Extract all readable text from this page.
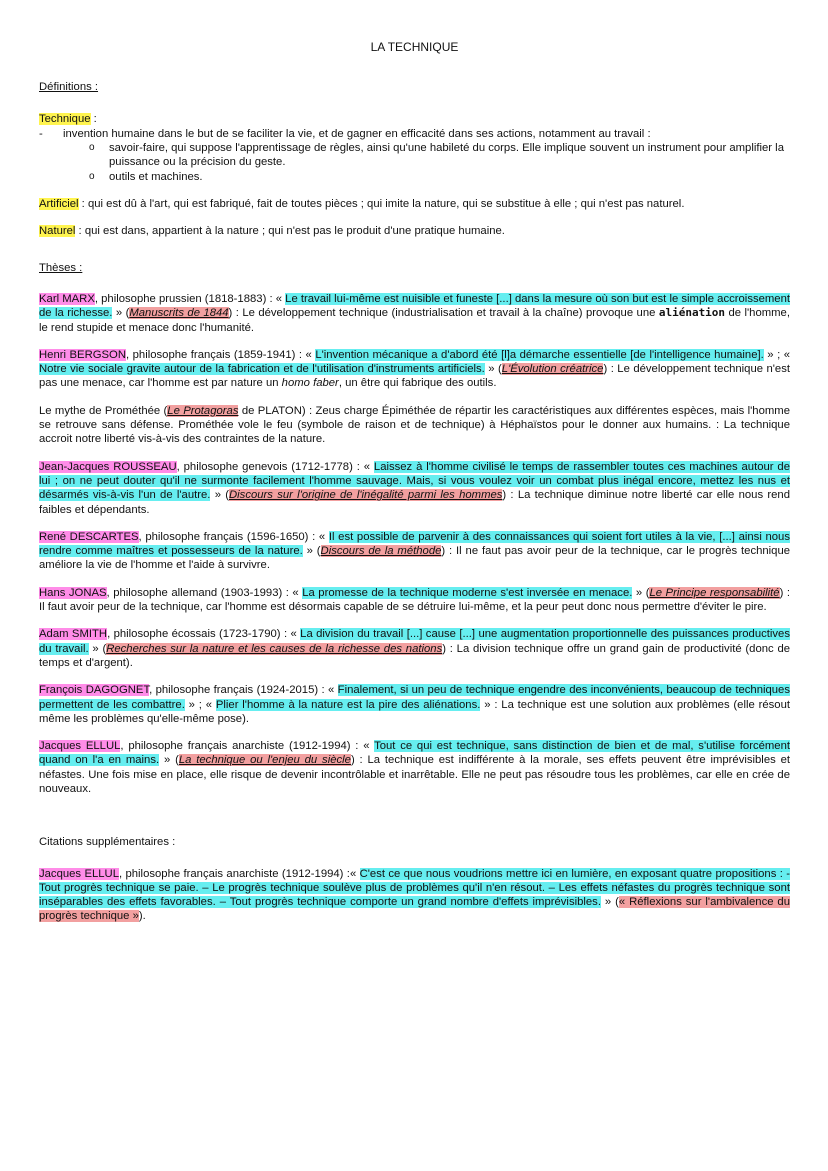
LA TECHNIQUE
Définitions :
Technique :
-	invention humaine dans le but de se faciliter la vie, et de gagner en efficacité dans ses actions, notamment au travail :
o	savoir-faire, qui suppose l'apprentissage de règles, ainsi qu'une habileté du corps. Elle implique souvent un instrument pour amplifier la puissance ou la précision du geste.
o	outils et machines.

Artificiel : qui est dû à l'art, qui est fabriqué, fait de toutes pièces ; qui imite la nature, qui se substitue à elle ; qui n'est pas naturel.

Naturel : qui est dans, appartient à la nature ; qui n'est pas le produit d'une pratique humaine.

Thèses :

Karl MARX, philosophe prussien (1818-1883) : « Le travail lui-même est nuisible et funeste [...] dans la mesure où son but est le simple accroissement de la richesse. » (Manuscrits de 1844) : Le développement technique (industrialisation et travail à la chaîne) provoque une aliénation de l'homme, le rend stupide et menace donc l'humanité.

Henri BERGSON, philosophe français (1859-1941) : « L'invention mécanique a d'abord été [l]a démarche essentielle [de l'intelligence humaine]. » ; « Notre vie sociale gravite autour de la fabrication et de l'utilisation d'instruments artificiels. » (L'Évolution créatrice) : Le développement technique n'est pas une menace, car l'homme est par nature un homo faber, un être qui fabrique des outils.

Le mythe de Prométhée (Le Protagoras de PLATON) : Zeus charge Épiméthée de répartir les caractéristiques aux différentes espèces, mais l'homme se retrouve sans défense. Prométhée vole le feu (symbole de raison et de technique) à Héphaïstos pour le donner aux humains. : La technique accroit notre liberté vis-à-vis des contraintes de la nature.

Jean-Jacques ROUSSEAU, philosophe genevois (1712-1778) : « Laissez à l'homme civilisé le temps de rassembler toutes ces machines autour de lui ; on ne peut douter qu'il ne surmonte facilement l'homme sauvage. Mais, si vous voulez voir un combat plus inégal encore, mettez les nus et désarmés vis-à-vis l'un de l'autre. » (Discours sur l'origine de l'inégalité parmi les hommes) : La technique diminue notre liberté car elle nous rend faibles et dépendants.

René DESCARTES, philosophe français (1596-1650) : « Il est possible de parvenir à des connaissances qui soient fort utiles à la vie, [...] ainsi nous rendre comme maîtres et possesseurs de la nature. » (Discours de la méthode) : Il ne faut pas avoir peur de la technique, car le progrès technique améliore la vie de l'homme et l'aide à survivre.

Hans JONAS, philosophe allemand (1903-1993) : « La promesse de la technique moderne s'est inversée en menace. » (Le Principe responsabilité) : Il faut avoir peur de la technique, car l'homme est désormais capable de se détruire lui-même, et la peur peut donc nous permettre d'éviter le pire.

Adam SMITH, philosophe écossais (1723-1790) : « La division du travail [...] cause [...] une augmentation proportionnelle des puissances productives du travail. » (Recherches sur la nature et les causes de la richesse des nations) : La division technique offre un grand gain de productivité (donc de temps et d'argent).

François DAGOGNET, philosophe français (1924-2015) : « Finalement, si un peu de technique engendre des inconvénients, beaucoup de techniques permettent de les combattre. » ; « Plier l'homme à la nature est la pire des aliénations. » : La technique est une solution aux problèmes (elle résout même les problèmes qu'elle-même pose).

Jacques ELLUL, philosophe français anarchiste (1912-1994) : « Tout ce qui est technique, sans distinction de bien et de mal, s'utilise forcément quand on l'a en mains. » (La technique ou l'enjeu du siècle) : La technique est indifférente à la morale, ses effets peuvent être imprévisibles et néfastes. Une fois mise en place, elle risque de devenir incontrôlable et inarrêtable. Elle ne peut pas résoudre tous les problèmes, car elle en crée de nouveaux.

Citations supplémentaires :

Jacques ELLUL, philosophe français anarchiste (1912-1994) :« C'est ce que nous voudrions mettre ici en lumière, en exposant quatre propositions : - Tout progrès technique se paie. – Le progrès technique soulève plus de problèmes qu'il n'en résout. – Les effets néfastes du progrès technique sont inséparables des effets favorables. – Tout progrès technique comporte un grand nombre d'effets imprévisibles. » (« Réflexions sur l'ambivalence du progrès technique »).
